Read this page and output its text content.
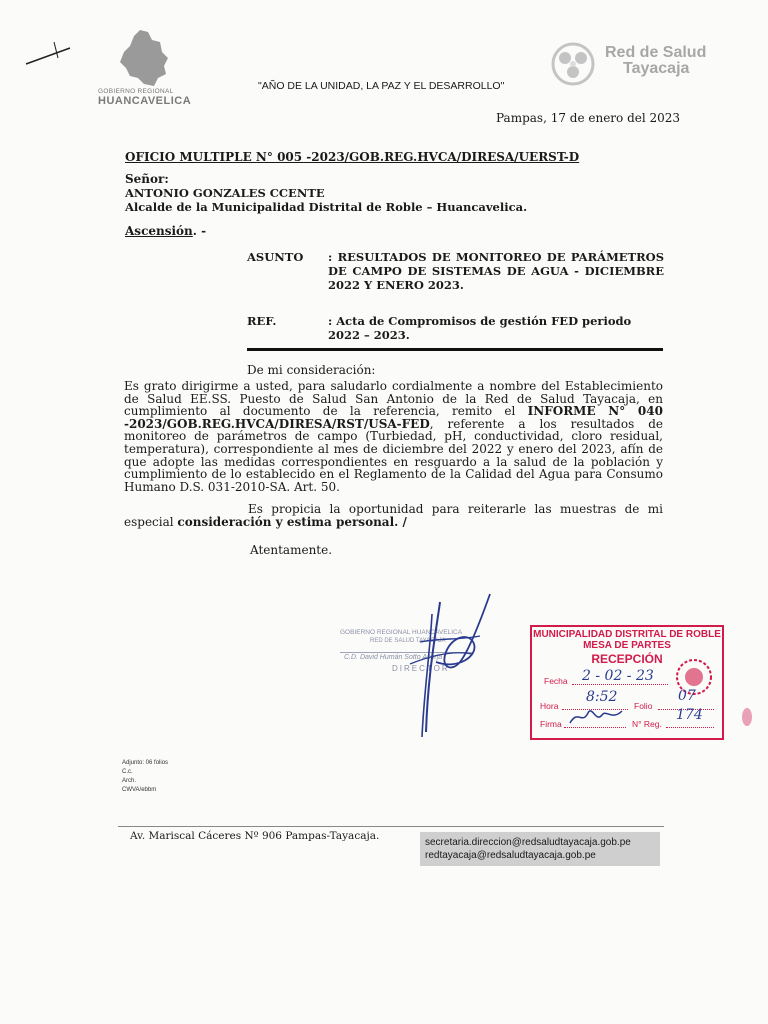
GOBIERNO REGIONAL
HUANCAVELICA
"AÑO DE LA UNIDAD, LA PAZ Y EL DESARROLLO"
Red de Salud
Tayacaja
Pampas, 17 de enero del 2023
OFICIO MULTIPLE N° 005 -2023/GOB.REG.HVCA/DIRESA/UERST-D
Señor:
ANTONIO GONZALES CCENTE
Alcalde de la Municipalidad Distrital de Roble – Huancavelica.
Ascensión. -
ASUNTO : RESULTADOS DE MONITOREO DE PARÁMETROS DE CAMPO DE SISTEMAS DE AGUA - DICIEMBRE 2022 Y ENERO 2023.
REF.	: Acta de Compromisos de gestión FED periodo 2022 – 2023.
De mi consideración:
Es grato dirigirme a usted, para saludarlo cordialmente a nombre del Establecimiento de Salud EE.SS. Puesto de Salud San Antonio de la Red de Salud Tayacaja, en cumplimiento al documento de la referencia, remito el INFORME N° 040 -2023/GOB.REG.HVCA/DIRESA/RST/USA-FED, referente a los resultados de monitoreo de parámetros de campo (Turbiedad, pH, conductividad, cloro residual, temperatura), correspondiente al mes de diciembre del 2022 y enero del 2023, afín de que adopte las medidas correspondientes en resguardo a la salud de la población y cumplimiento de lo establecido en el Reglamento de la Calidad del Agua para Consumo Humano D.S. 031-2010-SA. Art. 50.
Es propicia la oportunidad para reiterarle las muestras de mi especial consideración y estima personal. /
Atentamente.
GOBIERNO REGIONAL HUANCAVELICA
RED DE SALUD TAYACAJA
C.D. David Humán Sotto Asorja
DIRECTOR
MUNICIPALIDAD DISTRITAL DE ROBLE
MESA DE PARTES
RECEPCIÓN
Fecha 2 - 02 - 23
Hora
8:52
Folio
07
Firma	N° Reg.
174
Adjunto: 06 folios
C.c.
Arch.
CWVA/ebbm
Av. Mariscal Cáceres Nº 906 Pampas-Tayacaja.
secretaria.direccion@redsaludtayacaja.gob.pe
redtayacaja@redsaludtayacaja.gob.pe
